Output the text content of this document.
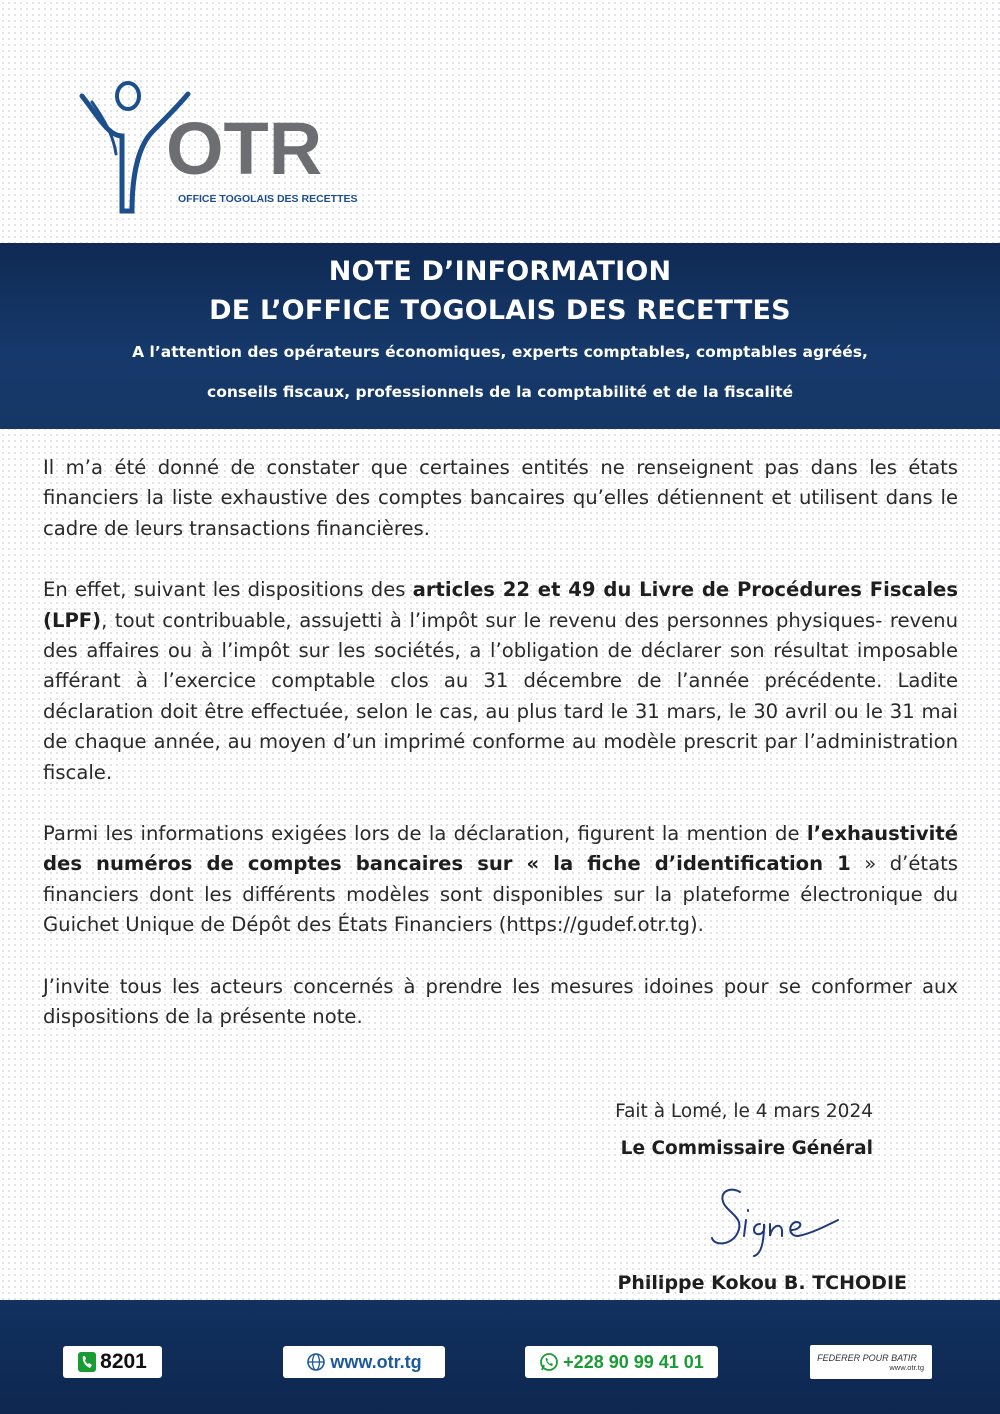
OTR
OFFICE TOGOLAIS DES RECETTES
NOTE D’INFORMATION
DE L’OFFICE TOGOLAIS DES RECETTES
A l’attention des opérateurs économiques, experts comptables, comptables agréés,
conseils fiscaux, professionnels de la comptabilité et de la fiscalité

Il m’a été donné de constater que certaines entités ne renseignent pas dans les états financiers la liste exhaustive des comptes bancaires qu’elles détiennent et utilisent dans le cadre de leurs transactions financières.

En effet, suivant les dispositions des articles 22 et 49 du Livre de Procédures Fiscales (LPF), tout contribuable, assujetti à l’impôt sur le revenu des personnes physiques- revenu des affaires ou à l’impôt sur les sociétés, a l’obligation de déclarer son résultat imposable afférant à l’exercice comptable clos au 31 décembre de l’année précédente. Ladite déclaration doit être effectuée, selon le cas, au plus tard le 31 mars, le 30 avril ou le 31 mai de chaque année, au moyen d’un imprimé conforme au modèle prescrit par l’administration fiscale.

Parmi les informations exigées lors de la déclaration, figurent la mention de l’exhaustivité des numéros de comptes bancaires sur « la fiche d’identification 1 » d’états financiers dont les différents modèles sont disponibles sur la plateforme électronique du Guichet Unique de Dépôt des États Financiers (https://gudef.otr.tg).

J’invite tous les acteurs concernés à prendre les mesures idoines pour se conformer aux dispositions de la présente note.

Fait à Lomé, le 4 mars 2024
Le Commissaire Général
Philippe Kokou B. TCHODIE
8201	www.otr.tg	+228 90 99 41 01	FEDERER POUR BATIR
www.otr.tg
